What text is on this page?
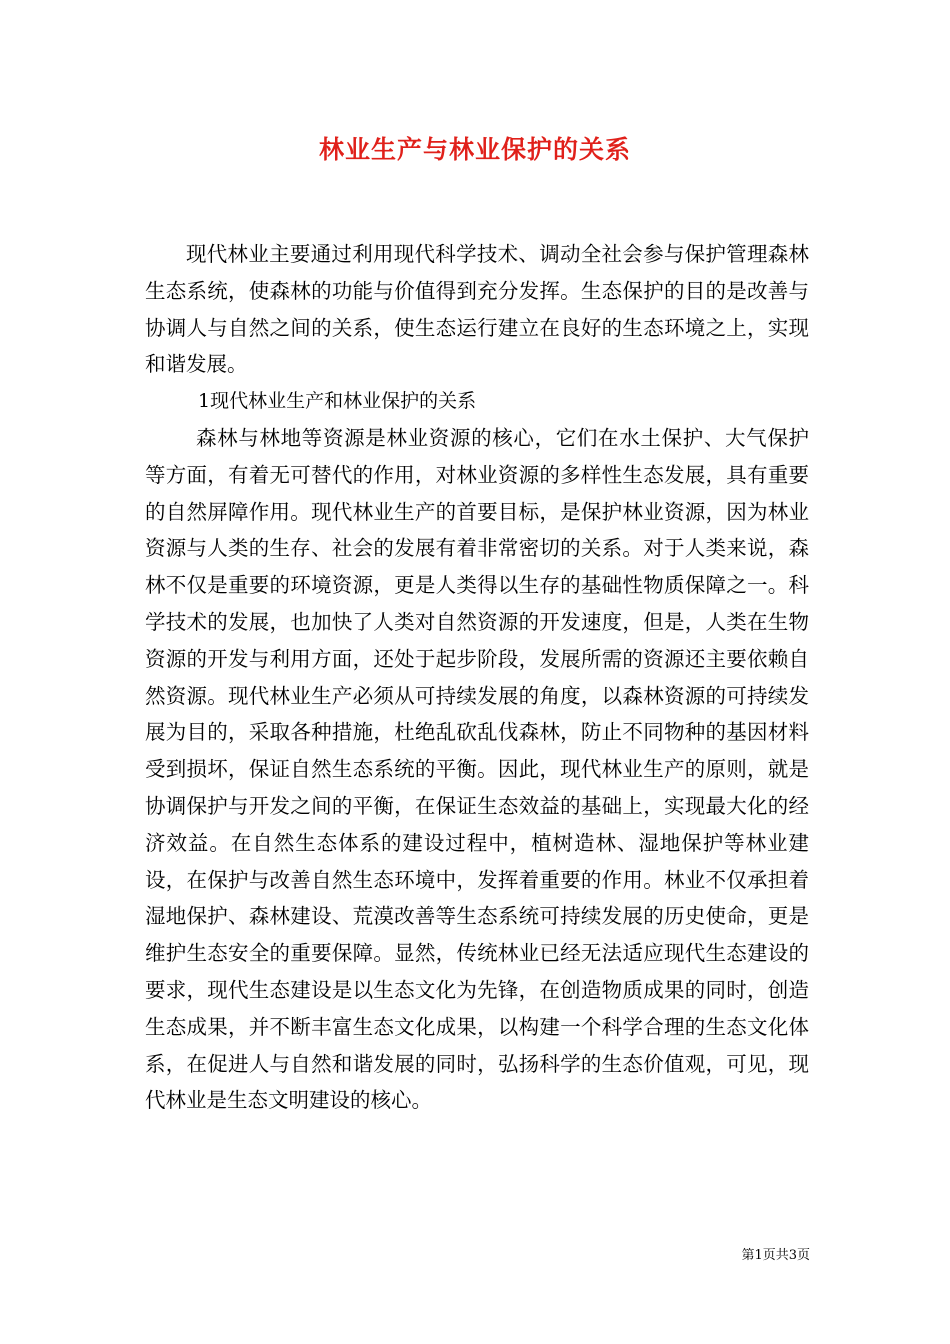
林业生产与林业保护的关系

现代林业主要通过利用现代科学技术、调动全社会参与保护管理森林生态系统，使森林的功能与价值得到充分发挥。生态保护的目的是改善与协调人与自然之间的关系，使生态运行建立在良好的生态环境之上，实现和谐发展。

1现代林业生产和林业保护的关系

森林与林地等资源是林业资源的核心，它们在水土保护、大气保护等方面，有着无可替代的作用，对林业资源的多样性生态发展，具有重要的自然屏障作用。现代林业生产的首要目标，是保护林业资源，因为林业资源与人类的生存、社会的发展有着非常密切的关系。对于人类来说，森林不仅是重要的环境资源，更是人类得以生存的基础性物质保障之一。科学技术的发展，也加快了人类对自然资源的开发速度，但是，人类在生物资源的开发与利用方面，还处于起步阶段，发展所需的资源还主要依赖自然资源。现代林业生产必须从可持续发展的角度，以森林资源的可持续发展为目的，采取各种措施，杜绝乱砍乱伐森林，防止不同物种的基因材料受到损坏，保证自然生态系统的平衡。因此，现代林业生产的原则，就是协调保护与开发之间的平衡，在保证生态效益的基础上，实现最大化的经济效益。在自然生态体系的建设过程中，植树造林、湿地保护等林业建设，在保护与改善自然生态环境中，发挥着重要的作用。林业不仅承担着湿地保护、森林建设、荒漠改善等生态系统可持续发展的历史使命，更是维护生态安全的重要保障。显然，传统林业已经无法适应现代生态建设的要求，现代生态建设是以生态文化为先锋，在创造物质成果的同时，创造生态成果，并不断丰富生态文化成果，以构建一个科学合理的生态文化体系，在促进人与自然和谐发展的同时，弘扬科学的生态价值观，可见，现代林业是生态文明建设的核心。

第1页共3页
